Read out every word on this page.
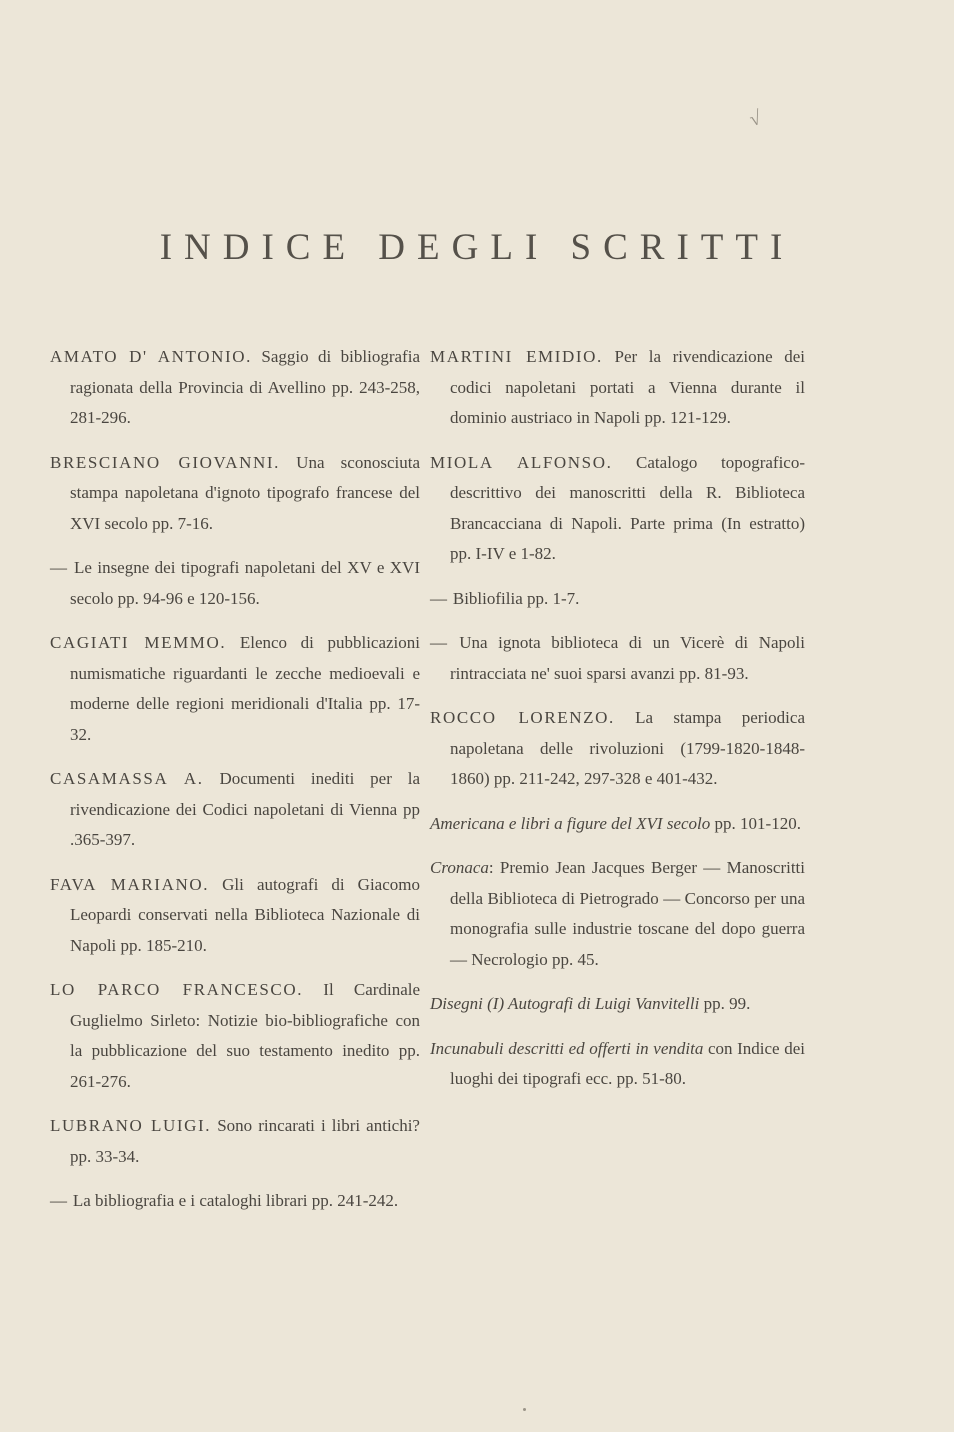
√
INDICE DEGLI SCRITTI

AMATO D' ANTONIO. Saggio di bibliografia ragionata della Provincia di Avellino pp. 243-258, 281-296.

BRESCIANO GIOVANNI. Una sconosciuta stampa napoletana d'ignoto tipografo francese del XVI secolo pp. 7-16.

— Le insegne dei tipografi napoletani del XV e XVI secolo pp. 94-96 e 120-156.

CAGIATI MEMMO. Elenco di pubblicazioni numismatiche riguardanti le zecche medioevali e moderne delle regioni meridionali d'Italia pp. 17-32.

CASAMASSA A. Documenti inediti per la rivendicazione dei Codici napoletani di Vienna pp .365-397.

FAVA MARIANO. Gli autografi di Giacomo Leopardi conservati nella Biblioteca Nazionale di Napoli pp. 185-210.

LO PARCO FRANCESCO. Il Cardinale Guglielmo Sirleto: Notizie bio-bibliografiche con la pubblicazione del suo testamento inedito pp. 261-276.

LUBRANO LUIGI. Sono rincarati i libri antichi? pp. 33-34.

— La bibliografia e i cataloghi librari pp. 241-242.

MARTINI EMIDIO. Per la rivendicazione dei codici napoletani portati a Vienna durante il dominio austriaco in Napoli pp. 121-129.

MIOLA ALFONSO. Catalogo topografico-descrittivo dei manoscritti della R. Biblioteca Brancacciana di Napoli. Parte prima (In estratto) pp. I-IV e 1-82.

— Bibliofilia pp. 1-7.

— Una ignota biblioteca di un Vicerè di Napoli rintracciata ne' suoi sparsi avanzi pp. 81-93.

ROCCO LORENZO. La stampa periodica napoletana delle rivoluzioni (1799-1820-1848-1860) pp. 211-242, 297-328 e 401-432.

Americana e libri a figure del XVI secolo pp. 101-120.

Cronaca: Premio Jean Jacques Berger — Manoscritti della Biblioteca di Pietrogrado — Concorso per una monografia sulle industrie toscane del dopo guerra — Necrologio pp. 45.

Disegni (I) Autografi di Luigi Vanvitelli pp. 99.

Incunabuli descritti ed offerti in vendita con Indice dei luoghi dei tipografi ecc. pp. 51-80.
